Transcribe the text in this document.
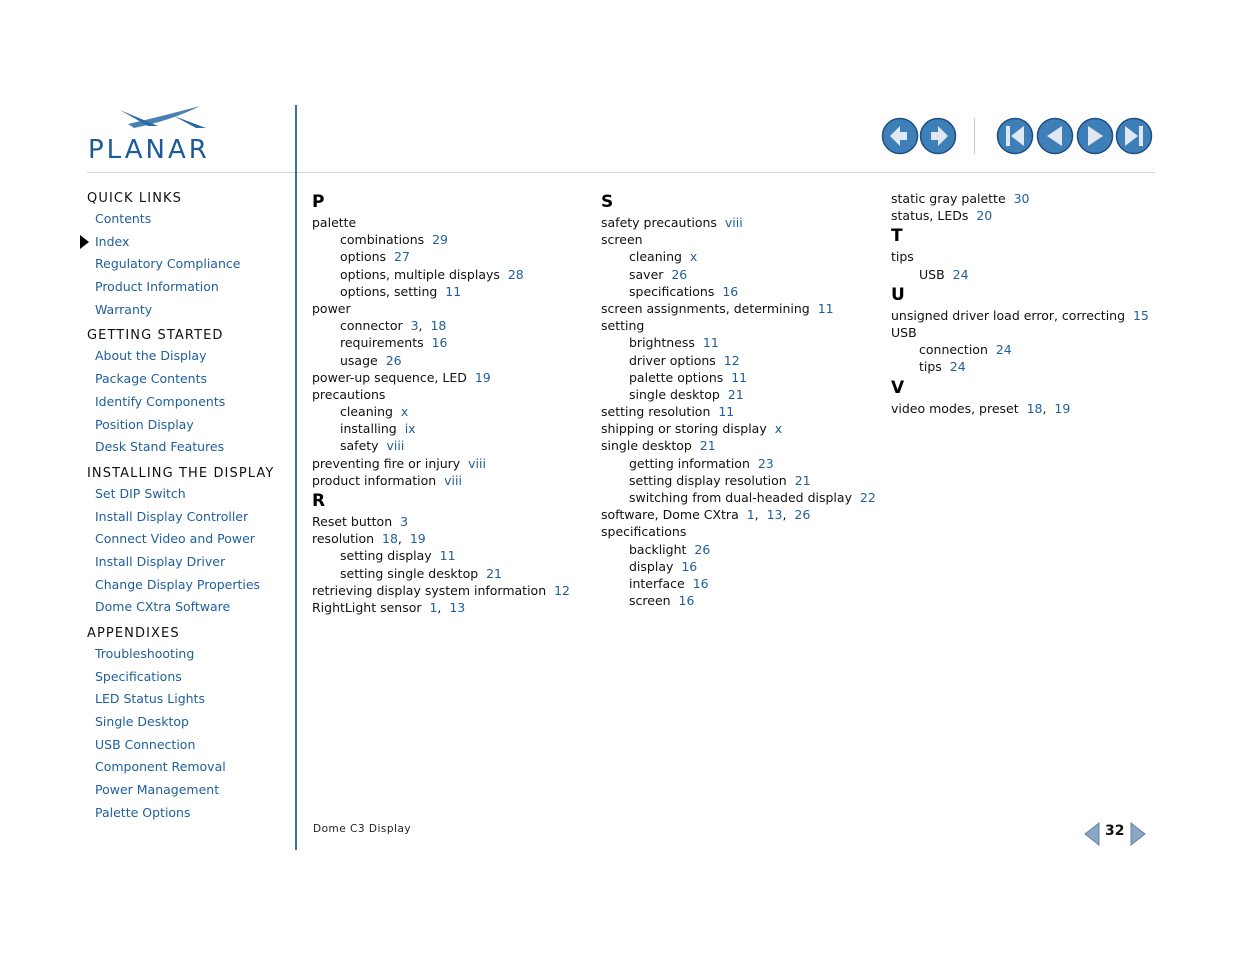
PLANAR
QUICK LINKS
Contents
Index
Regulatory Compliance
Product Information
Warranty
GETTING STARTED
About the Display
Package Contents
Identify Components
Position Display
Desk Stand Features
INSTALLING THE DISPLAY
Set DIP Switch
Install Display Controller
Connect Video and Power
Install Display Driver
Change Display Properties
Dome CXtra Software
APPENDIXES
Troubleshooting
Specifications
LED Status Lights
Single Desktop
USB Connection
Component Removal
Power Management
Palette Options
P
palette
combinations 29
options 27
options, multiple displays 28
options, setting 11
power
connector 3,  18
requirements 16
usage 26
power-up sequence, LED 19
precautions
cleaning x
installing ix
safety viii
preventing fire or injury viii
product information viii
R
Reset button 3
resolution 18,  19
setting display 11
setting single desktop 21
retrieving display system information 12
RightLight sensor 1,  13
S
safety precautions viii
screen
cleaning x
saver 26
specifications 16
screen assignments, determining 11
setting
brightness 11
driver options 12
palette options 11
single desktop 21
setting resolution 11
shipping or storing display x
single desktop 21
getting information 23
setting display resolution 21
switching from dual-headed display 22
software, Dome CXtra 1,  13,  26
specifications
backlight 26
display 16
interface 16
screen 16
static gray palette 30
status, LEDs 20
T
tips
USB 24
U
unsigned driver load error, correcting 15
USB
connection 24
tips 24
V
video modes, preset 18,  19
Dome C3 Display	32
